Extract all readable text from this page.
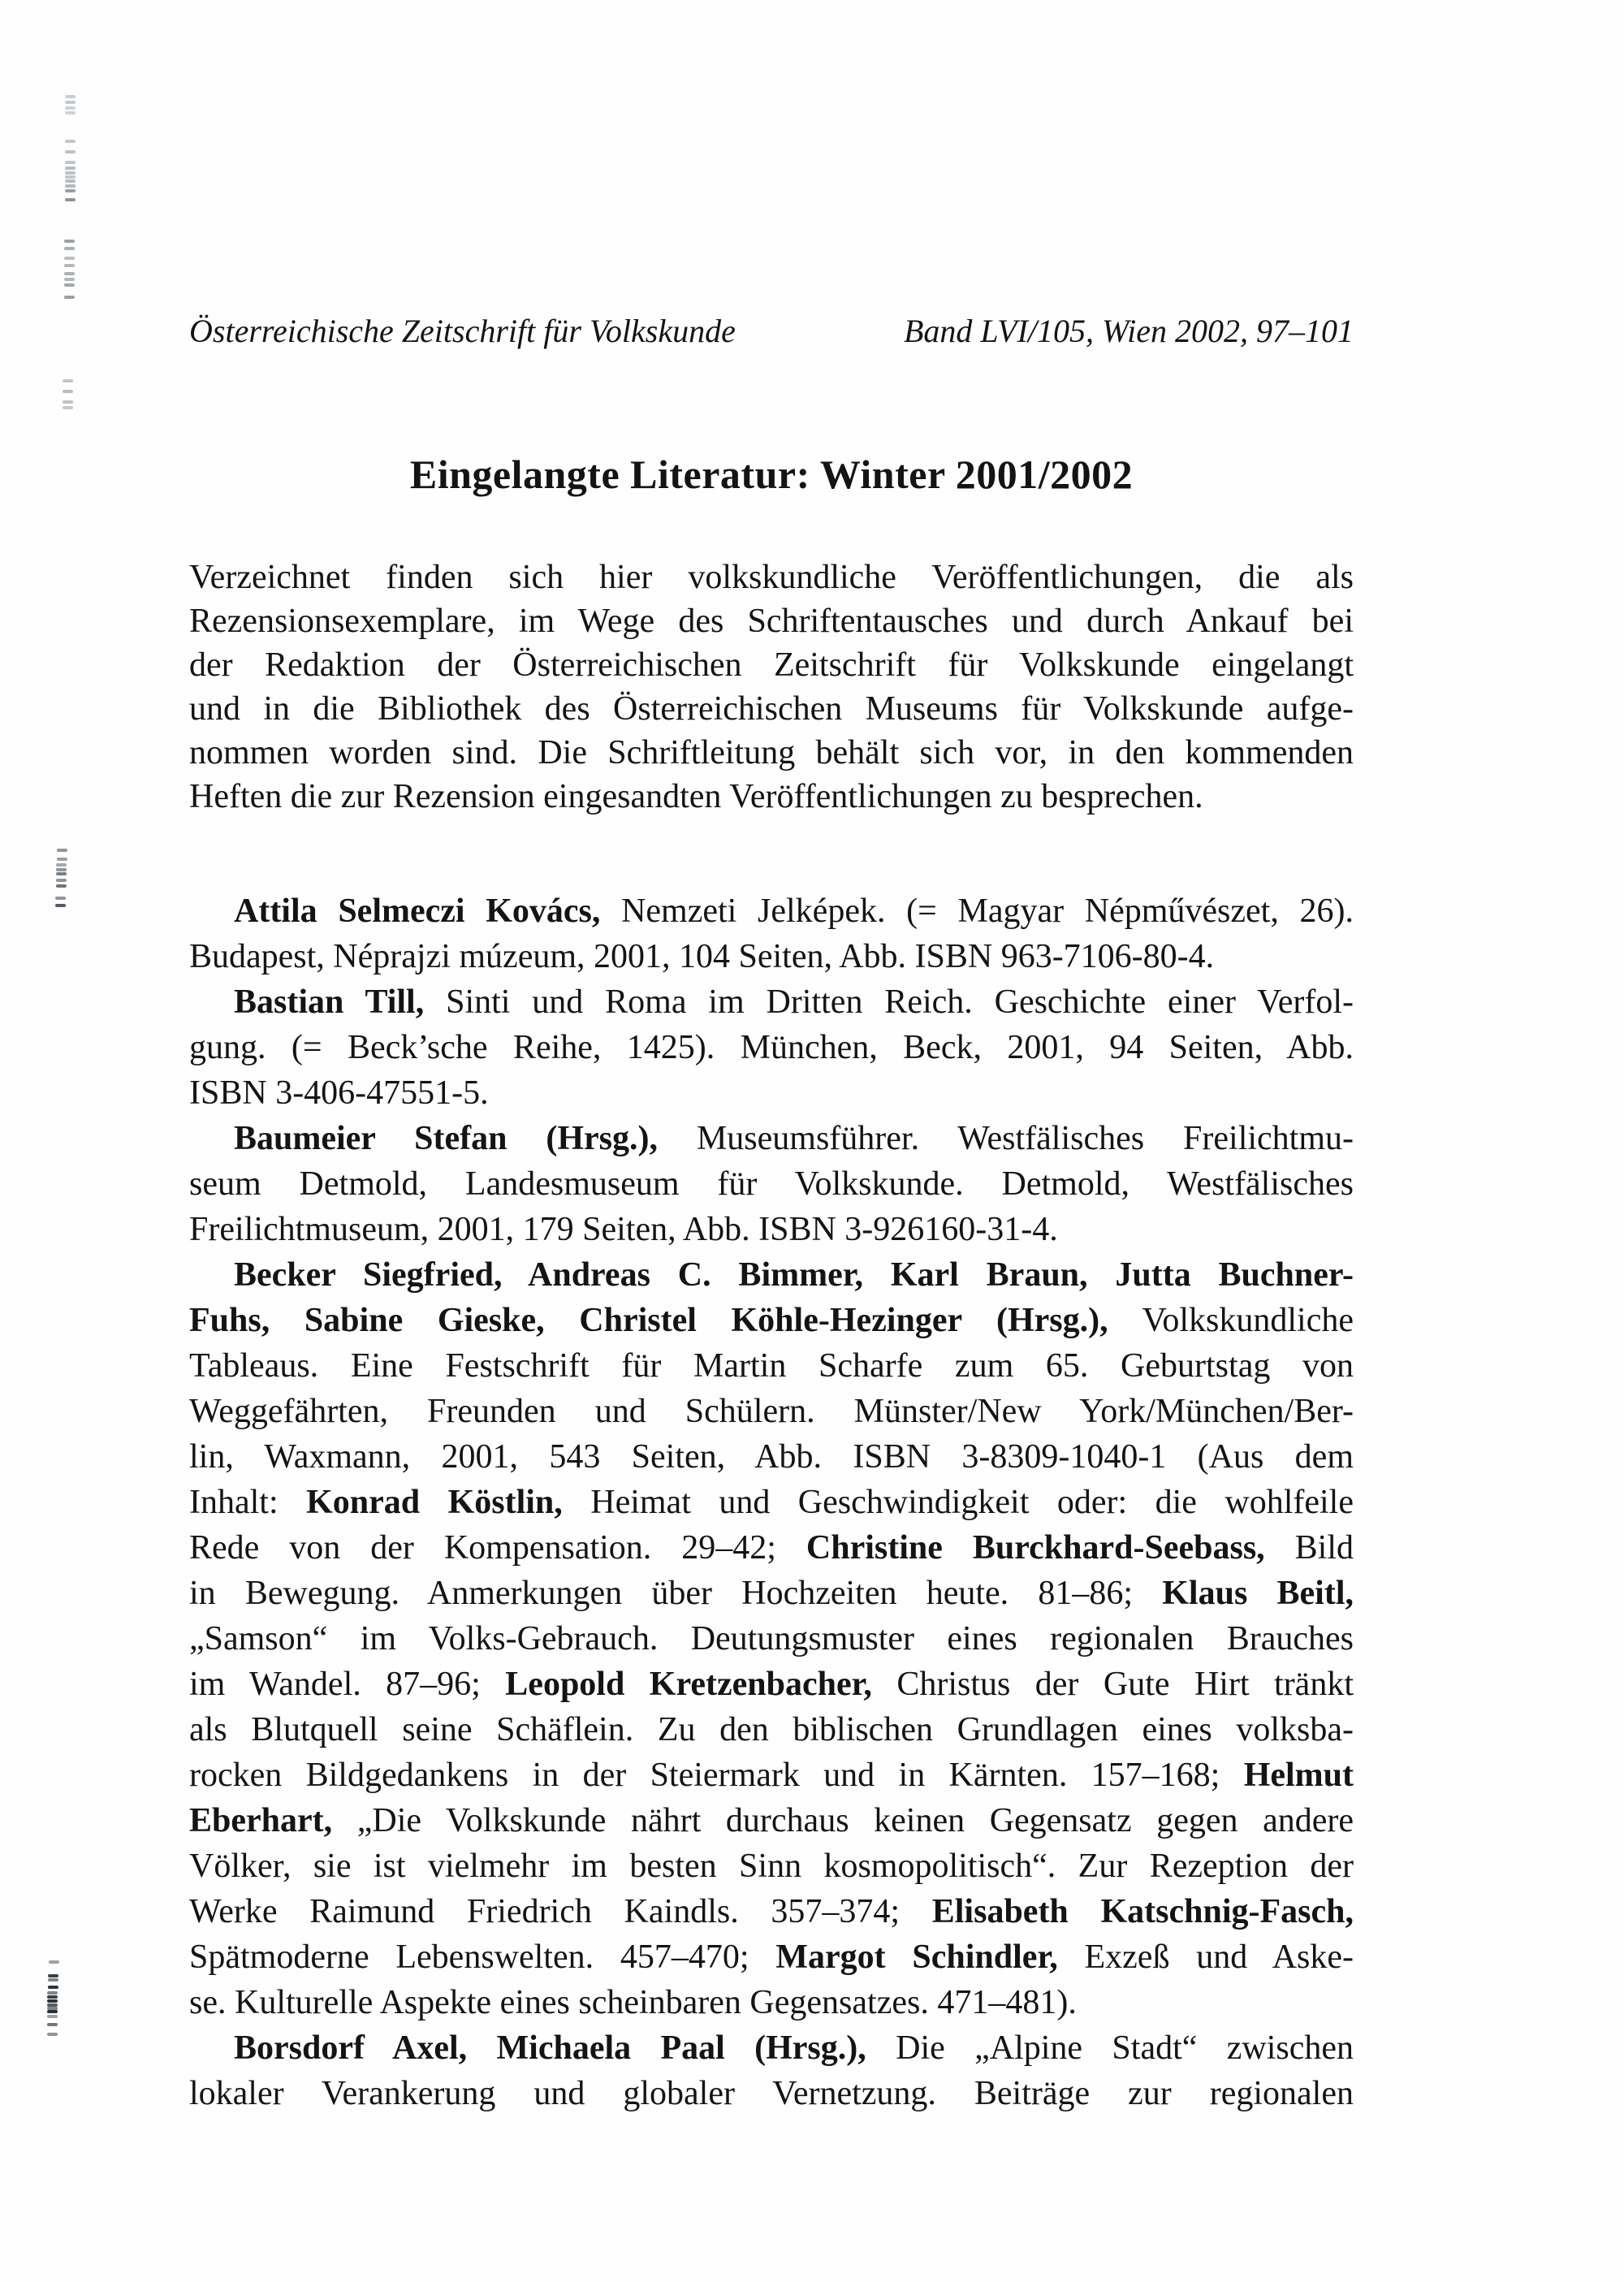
Österreichische Zeitschrift für Volkskunde	Band LVI/105, Wien 2002, 97–101
Eingelangte Literatur: Winter 2001/2002
Verzeichnet finden sich hier volkskundliche Veröffentlichungen, die als
Rezensionsexemplare, im Wege des Schriftentausches und durch Ankauf bei
der Redaktion der Österreichischen Zeitschrift für Volkskunde eingelangt
und in die Bibliothek des Österreichischen Museums für Volkskunde aufge-
nommen worden sind. Die Schriftleitung behält sich vor, in den kommenden
Heften die zur Rezension eingesandten Veröffentlichungen zu besprechen.
Attila Selmeczi Kovács, Nemzeti Jelképek. (= Magyar Népművészet, 26).
Budapest, Néprajzi múzeum, 2001, 104 Seiten, Abb. ISBN 963-7106-80-4.
Bastian Till, Sinti und Roma im Dritten Reich. Geschichte einer Verfol-
gung. (= Beck’sche Reihe, 1425). München, Beck, 2001, 94 Seiten, Abb.
ISBN 3-406-47551-5.
Baumeier Stefan (Hrsg.), Museumsführer. Westfälisches Freilichtmu-
seum Detmold, Landesmuseum für Volkskunde. Detmold, Westfälisches
Freilichtmuseum, 2001, 179 Seiten, Abb. ISBN 3-926160-31-4.
Becker Siegfried, Andreas C. Bimmer, Karl Braun, Jutta Buchner-
Fuhs, Sabine Gieske, Christel Köhle-Hezinger (Hrsg.), Volkskundliche
Tableaus. Eine Festschrift für Martin Scharfe zum 65. Geburtstag von
Weggefährten, Freunden und Schülern. Münster/New York/München/Ber-
lin, Waxmann, 2001, 543 Seiten, Abb. ISBN 3-8309-1040-1 (Aus dem
Inhalt: Konrad Köstlin, Heimat und Geschwindigkeit oder: die wohlfeile
Rede von der Kompensation. 29–42; Christine Burckhard-Seebass, Bild
in Bewegung. Anmerkungen über Hochzeiten heute. 81–86; Klaus Beitl,
„Samson“ im Volks-Gebrauch. Deutungsmuster eines regionalen Brauches
im Wandel. 87–96; Leopold Kretzenbacher, Christus der Gute Hirt tränkt
als Blutquell seine Schäflein. Zu den biblischen Grundlagen eines volksba-
rocken Bildgedankens in der Steiermark und in Kärnten. 157–168; Helmut
Eberhart, „Die Volkskunde nährt durchaus keinen Gegensatz gegen andere
Völker, sie ist vielmehr im besten Sinn kosmopolitisch“. Zur Rezeption der
Werke Raimund Friedrich Kaindls. 357–374; Elisabeth Katschnig-Fasch,
Spätmoderne Lebenswelten. 457–470; Margot Schindler, Exzeß und Aske-
se. Kulturelle Aspekte eines scheinbaren Gegensatzes. 471–481).
Borsdorf Axel, Michaela Paal (Hrsg.), Die „Alpine Stadt“ zwischen
lokaler Verankerung und globaler Vernetzung. Beiträge zur regionalen
